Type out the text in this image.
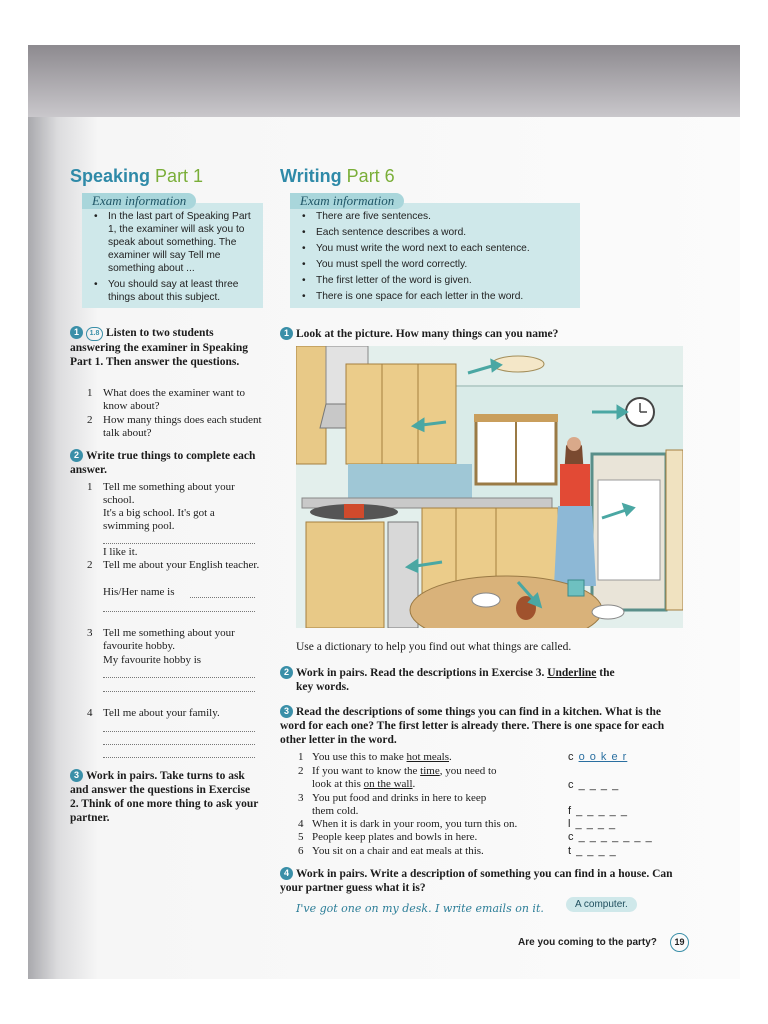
Speaking Part 1
• In the last part of Speaking Part 1, the examiner will ask you to speak about something. The examiner will say Tell me something about ...
• You should say at least three things about this subject.
Exam information
1 1.8 Listen to two students answering the examiner in Speaking Part 1. Then answer the questions.
1 What does the examiner want to know about?
2 How many things does each student talk about?
2 Write true things to complete each answer.
1 Tell me something about your school.
It's a big school. It's got a swimming pool.
I like it.
2 Tell me about your English teacher.
His/Her name is
3 Tell me something about your favourite hobby.
My favourite hobby is
4 Tell me about your family.
3 Work in pairs. Take turns to ask and answer the questions in Exercise 2. Think of one more thing to ask your partner.
Writing Part 6
• There are five sentences.
• Each sentence describes a word.
• You must write the word next to each sentence.
• You must spell the word correctly.
• The first letter of the word is given.
• There is one space for each letter in the word.
Exam information
1 Look at the picture. How many things can you name?
Use a dictionary to help you find out what things are called.
2 Work in pairs. Read the descriptions in Exercise 3. Underline the
key words.
3 Read the descriptions of some things you can find in a kitchen. What is the word for each one? The first letter is already there. There is one space for each other letter in the word.
1 You use this to make hot meals.	c o o k e r
2 If you want to know the time, you need to
look at this on the wall.	c _ _ _ _
3 You put food and drinks in here to keep
them cold.	f _ _ _ _ _
4 When it is dark in your room, you turn this on.	l _ _ _ _
5 People keep plates and bowls in here.	c _ _ _ _ _ _ _
6 You sit on a chair and eat meals at this.	t _ _ _ _
4 Work in pairs. Write a description of something you can find in a house. Can your partner guess what it is?
I've got one on my desk. I write emails on it.	A computer.
Are you coming to the party?	19
